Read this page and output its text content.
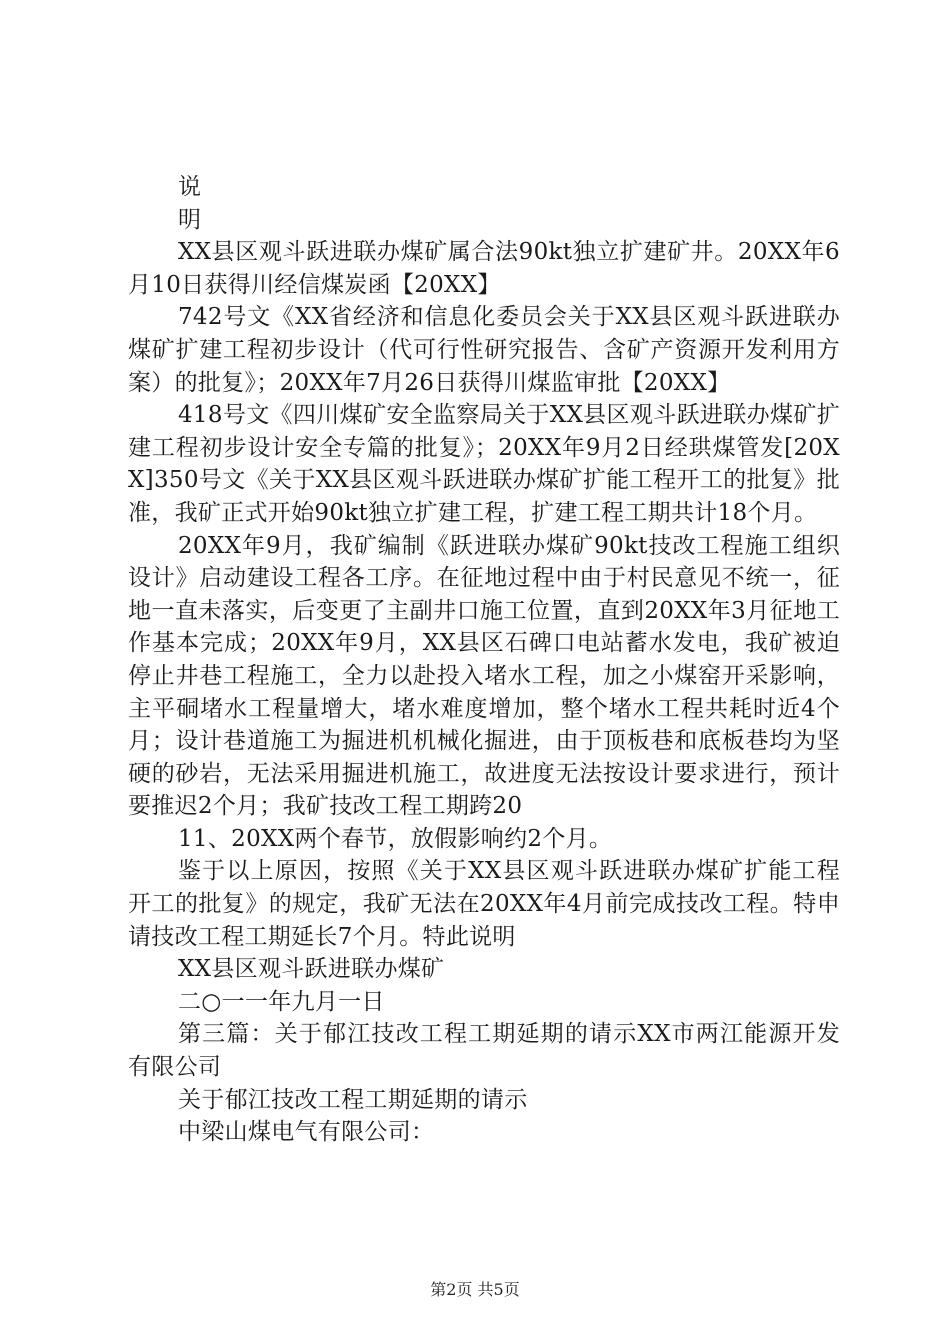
说

明

XX县区观斗跃进联办煤矿属合法90kt独立扩建矿井。20XX年6月10日获得川经信煤炭函【20XX】

742号文《XX省经济和信息化委员会关于XX县区观斗跃进联办煤矿扩建工程初步设计（代可行性研究报告、含矿产资源开发利用方案）的批复》；20XX年7月26日获得川煤监审批【20XX】

418号文《四川煤矿安全监察局关于XX县区观斗跃进联办煤矿扩建工程初步设计安全专篇的批复》；20XX年9月2日经珙煤管发[20XX]350号文《关于XX县区观斗跃进联办煤矿扩能工程开工的批复》批准，我矿正式开始90kt独立扩建工程，扩建工程工期共计18个月。

20XX年9月，我矿编制《跃进联办煤矿90kt技改工程施工组织设计》启动建设工程各工序。在征地过程中由于村民意见不统一，征地一直未落实，后变更了主副井口施工位置，直到20XX年3月征地工作基本完成；20XX年9月，XX县区石碑口电站蓄水发电，我矿被迫停止井巷工程施工，全力以赴投入堵水工程，加之小煤窑开采影响，主平硐堵水工程量增大，堵水难度增加，整个堵水工程共耗时近4个月；设计巷道施工为掘进机机械化掘进，由于顶板巷和底板巷均为坚硬的砂岩，无法采用掘进机施工，故进度无法按设计要求进行，预计要推迟2个月；我矿技改工程工期跨20

11、20XX两个春节，放假影响约2个月。

鉴于以上原因，按照《关于XX县区观斗跃进联办煤矿扩能工程开工的批复》的规定，我矿无法在20XX年4月前完成技改工程。特申请技改工程工期延长7个月。特此说明

XX县区观斗跃进联办煤矿

二○一一年九月一日

第三篇：关于郁江技改工程工期延期的请示XX市两江能源开发有限公司

关于郁江技改工程工期延期的请示

中梁山煤电气有限公司：

第2页 共5页
